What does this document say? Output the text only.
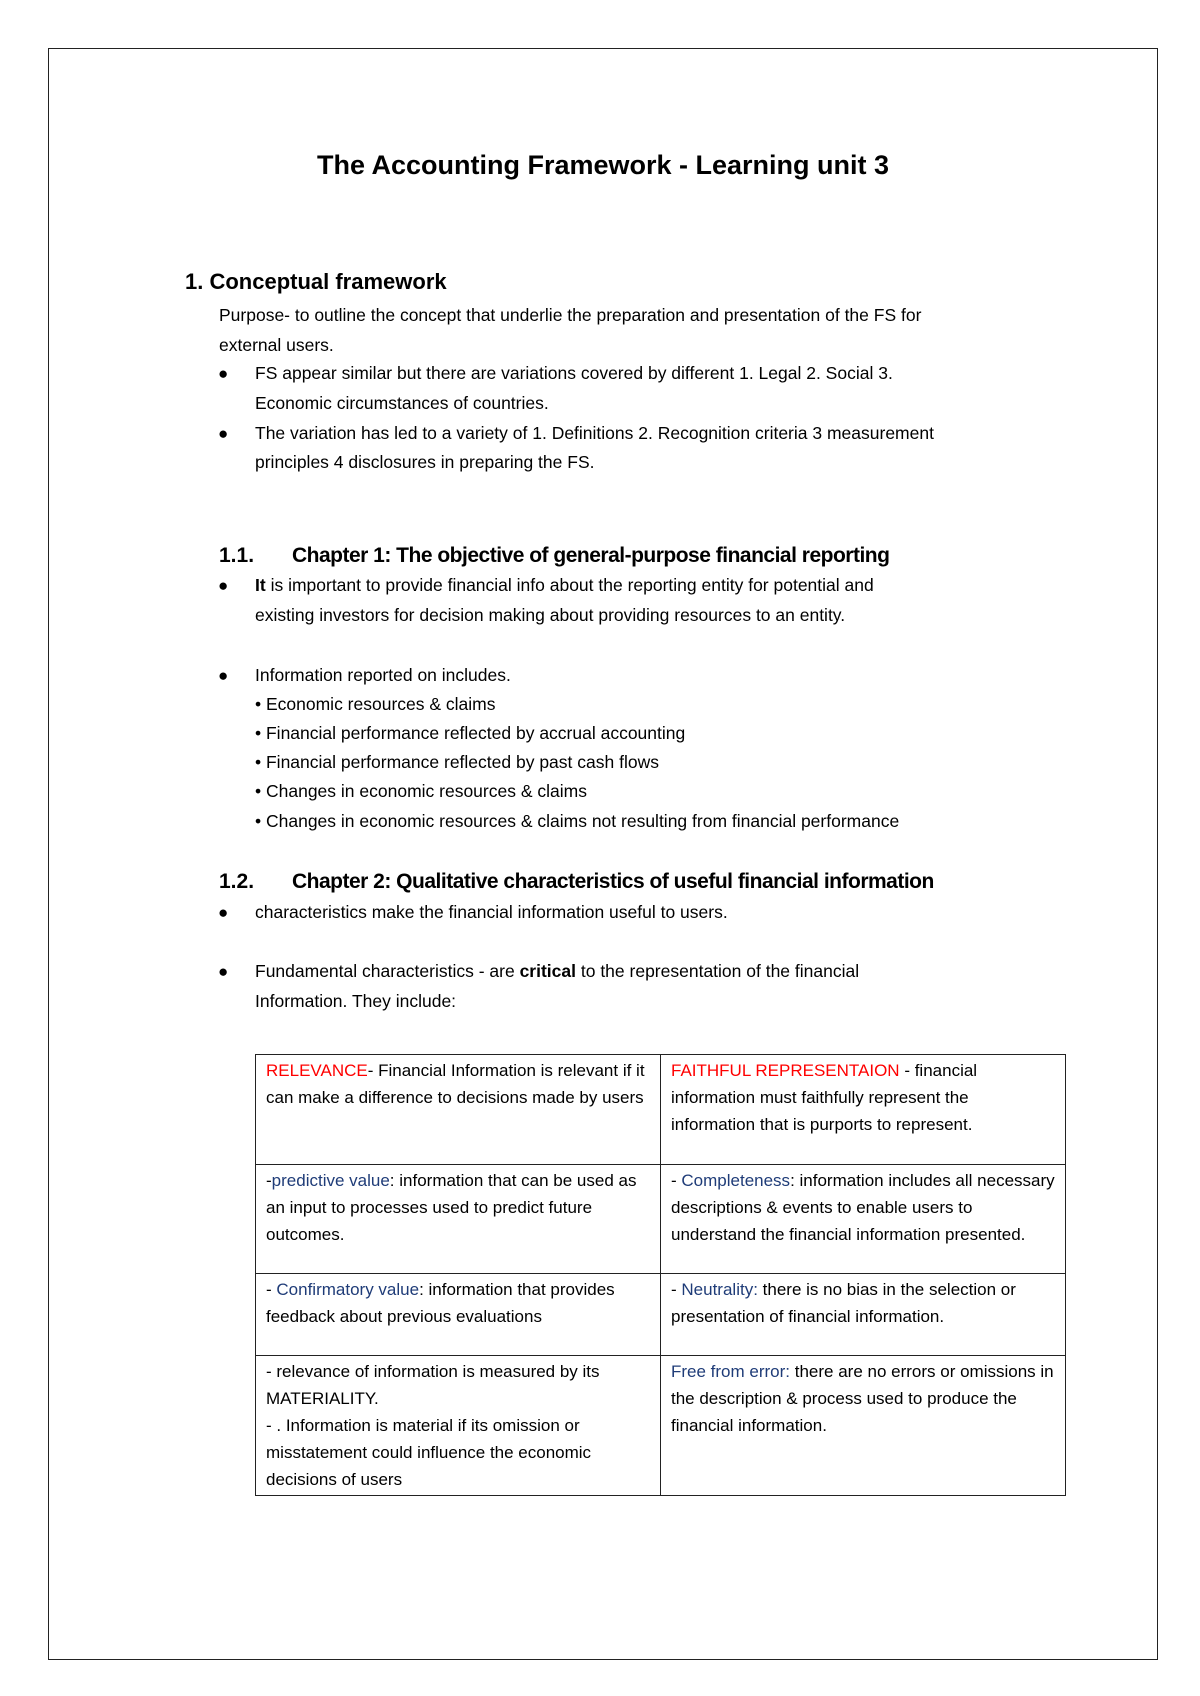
The Accounting Framework - Learning unit 3
1. Conceptual framework
Purpose- to outline the concept that underlie the preparation and presentation of the FS for
external users.
● FS appear similar but there are variations covered by different 1. Legal 2. Social 3.
Economic circumstances of countries.
● The variation has led to a variety of 1. Definitions 2. Recognition criteria 3 measurement
principles 4 disclosures in preparing the FS.
1.1. Chapter 1: The objective of general-purpose financial reporting
● It is important to provide financial info about the reporting entity for potential and
existing investors for decision making about providing resources to an entity.
● Information reported on includes.
• Economic resources & claims
• Financial performance reflected by accrual accounting
• Financial performance reflected by past cash flows
• Changes in economic resources & claims
• Changes in economic resources & claims not resulting from financial performance
1.2. Chapter 2: Qualitative characteristics of useful financial information
● characteristics make the financial information useful to users.
● Fundamental characteristics - are critical to the representation of the financial
Information. They include:
RELEVANCE- Financial Information is relevant if it can make a difference to decisions made by users	FAITHFUL REPRESENTAION - financial information must faithfully represent the information that is purports to represent.
-predictive value: information that can be used as an input to processes used to predict future outcomes.	- Completeness: information includes all necessary descriptions & events to enable users to understand the financial information presented.
- Confirmatory value: information that provides feedback about previous evaluations	- Neutrality: there is no bias in the selection or presentation of financial information.

- relevance of information is measured by its MATERIALITY.
- . Information is material if its omission or misstatement could influence the economic decisions of users	Free from error: there are no errors or omissions in the description & process used to produce the financial information.
